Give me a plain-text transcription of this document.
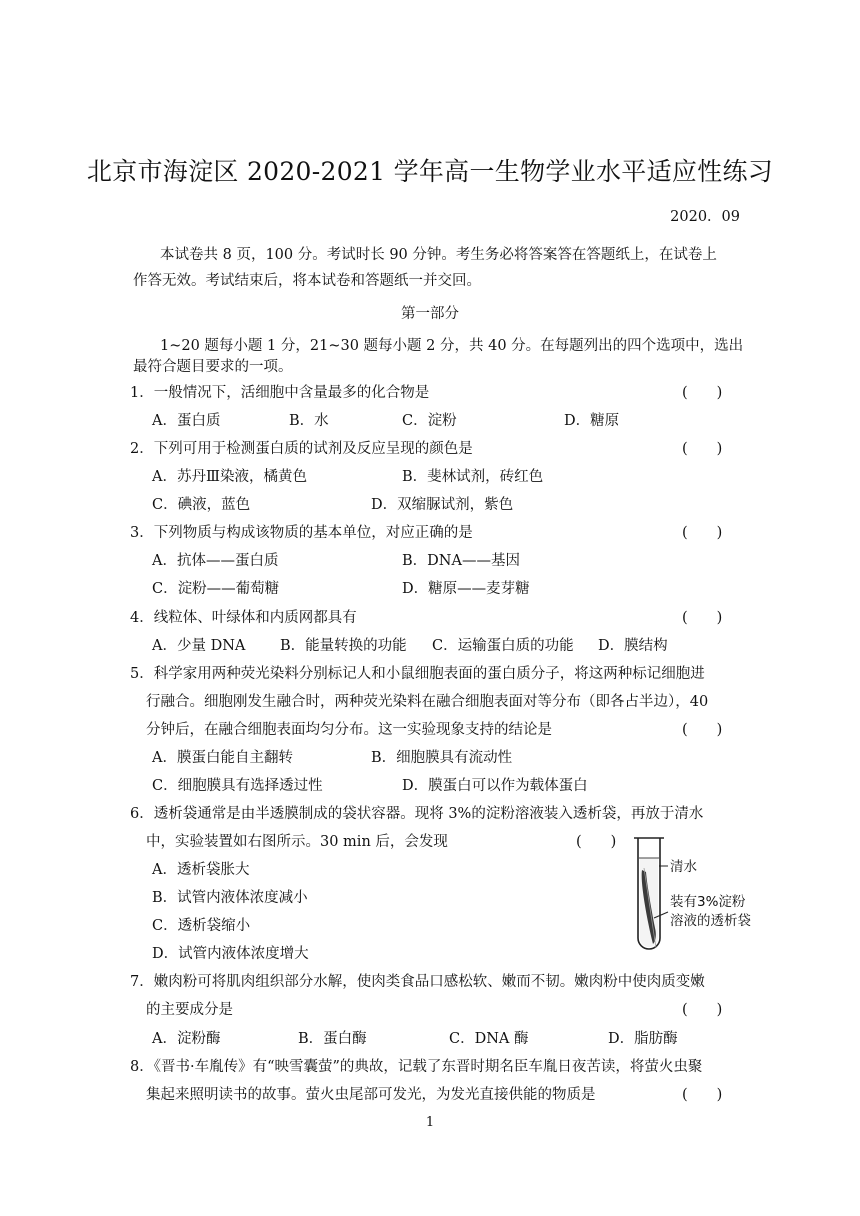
北京市海淀区 2020-2021 学年高一生物学业水平适应性练习
2020．09
本试卷共 8 页，100 分。考试时长 90 分钟。考生务必将答案答在答题纸上，在试卷上
作答无效。考试结束后，将本试卷和答题纸一并交回。
第一部分
1~20 题每小题 1 分，21~30 题每小题 2 分，共 40 分。在每题列出的四个选项中，选出
最符合题目要求的一项。
1．一般情况下，活细胞中含量最多的化合物是	(　　)
A．蛋白质	B．水	C．淀粉	D．糖原
2．下列可用于检测蛋白质的试剂及反应呈现的颜色是	(　　)
A．苏丹Ⅲ染液，橘黄色	B．斐林试剂，砖红色
C．碘液，蓝色	D．双缩脲试剂，紫色
3．下列物质与构成该物质的基本单位，对应正确的是	(　　)
A．抗体——蛋白质	B．DNA——基因
C．淀粉——葡萄糖	D．糖原——麦芽糖
4．线粒体、叶绿体和内质网都具有	(　　)
A．少量 DNA B．能量转换的功能 C．运输蛋白质的功能 D．膜结构
5．科学家用两种荧光染料分别标记人和小鼠细胞表面的蛋白质分子，将这两种标记细胞进
行融合。细胞刚发生融合时，两种荧光染料在融合细胞表面对等分布（即各占半边），40
分钟后，在融合细胞表面均匀分布。这一实验现象支持的结论是	(　　)
A．膜蛋白能自主翻转	B．细胞膜具有流动性
C．细胞膜具有选择透过性	D．膜蛋白可以作为载体蛋白
6．透析袋通常是由半透膜制成的袋状容器。现将 3%的淀粉溶液装入透析袋，再放于清水
中，实验装置如右图所示。30 min 后，会发现	(　　)
A．透析袋胀大
B．试管内液体浓度减小
C．透析袋缩小
D．试管内液体浓度增大
清水
装有3%淀粉
溶液的透析袋
7．嫩肉粉可将肌肉组织部分水解，使肉类食品口感松软、嫩而不韧。嫩肉粉中使肉质变嫩
的主要成分是	(　　)
A．淀粉酶	B．蛋白酶	C．DNA 酶	D．脂肪酶
8．《晋书·车胤传》有“映雪囊萤”的典故，记载了东晋时期名臣车胤日夜苦读，将萤火虫聚
集起来照明读书的故事。萤火虫尾部可发光，为发光直接供能的物质是	(　　)
1
